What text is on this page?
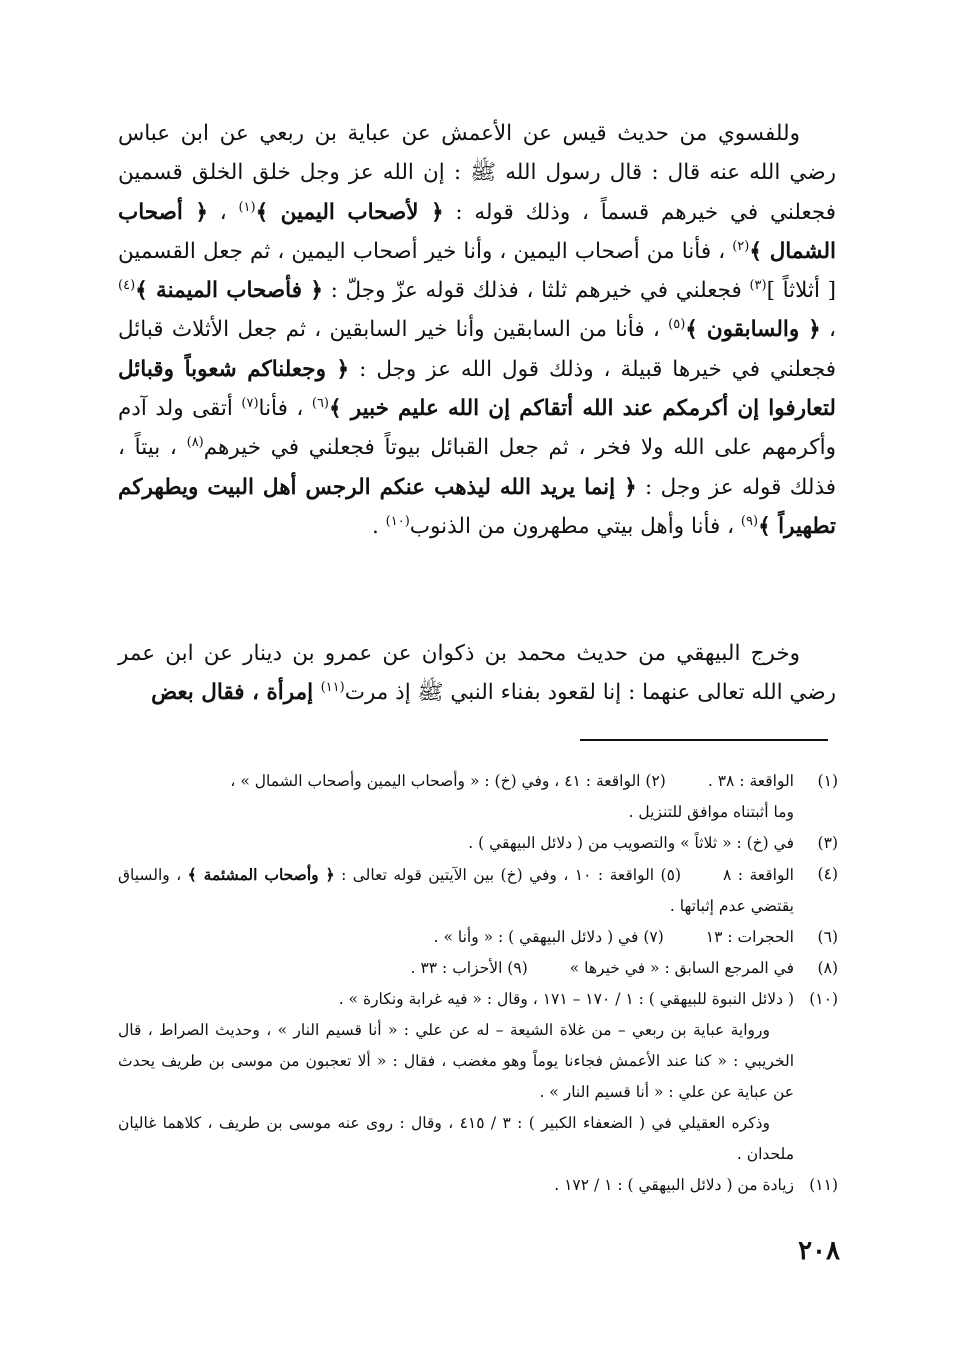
وللفسوي من حديث قيس عن الأعمش عن عباية بن ربعي عن ابن عباس رضي الله عنه قال : قال رسول الله ﷺ : إن الله عز وجل خلق الخلق قسمين فجعلني في خيرهم قسماً ، وذلك قوله : ﴿ لأصحاب اليمين ﴾$^{(١)}$ ، ﴿ أصحاب الشمال ﴾$^{(٢)}$ ، فأنا من أصحاب اليمين ، وأنا خير أصحاب اليمين ، ثم جعل القسمين [ أثلاثاً ]$^{(٣)}$ فجعلني في خيرهم ثلثا ، فذلك قوله عزّ وجلّ : ﴿ فأصحاب الميمنة ﴾$^{(٤)}$ ، ﴿ والسابقون ﴾$^{(٥)}$ ، فأنا من السابقين وأنا خير السابقين ، ثم جعل الأثلاث قبائل فجعلني في خيرها قبيلة ، وذلك قول الله عز وجل : ﴿ وجعلناكم شعوباً وقبائل لتعارفوا إن أكرمكم عند الله أتقاكم إن الله عليم خبير ﴾$^{(٦)}$ ، فأنا$^{(٧)}$ أتقى ولد آدم وأكرمهم على الله ولا فخر ، ثم جعل القبائل بيوتاً فجعلني في خيرهم$^{(٨)}$ ، بيتاً ، فذلك قوله عز وجل : ﴿ إنما يريد الله ليذهب عنكم الرجس أهل البيت ويطهركم تطهيراً ﴾$^{(٩)}$ ، فأنا وأهل بيتي مطهرون من الذنوب$^{(١٠)}$ .

وخرج البيهقي من حديث محمد بن ذكوان عن عمرو بن دينار عن ابن عمر رضي الله تعالى عنهما : إنا لقعود بفناء النبي ﷺ إذ مرت$^{(١١)}$ إمرأة ، فقال بعض

(١)
الواقعة : ٣٨ .(٢) الواقعة : ٤١ ، وفي (خ) : « وأصحاب اليمين وأصحاب الشمال » ،
وما أثبتناه موافق للتنزيل .
(٣)
في (خ) : « ثلاثاً » والتصويب من ( دلائل البيهقي ) .
(٤)
الواقعة : ٨(٥) الواقعة : ١٠ ، وفي (خ) بين الآيتين قوله تعالى : ﴿ وأصحاب المشئمة ﴾ ، والسياق يقتضي عدم إثباتها .
(٦)
الحجرات : ١٣(٧) في ( دلائل البيهقي ) : « وأنا » .
(٨)
في المرجع السابق : « في خيرها »(٩) الأحزاب : ٣٣ .
(١٠)
( دلائل النبوة للبيهقي ) : ١ / ١٧٠ – ١٧١ ، وقال : « فيه غرابة ونكارة » .
ورواية عباية بن ربعي – من غلاة الشيعة – له عن علي : « أنا قسيم النار » ، وحديث الصراط ، قال الخريبي : « كنا عند الأعمش فجاءنا يوماً وهو مغضب ، فقال : « ألا تعجبون من موسى بن طريف يحدث عن عباية عن علي : « أنا قسيم النار » .
وذكره العقيلي في ( الضعفاء الكبير ) : ٣ / ٤١٥ ، وقال : روى عنه موسى بن طريف ، كلاهما غاليان ملحدان .
(١١)
زيادة من ( دلائل البيهقي ) : ١ / ١٧٢ .
٢٠٨
